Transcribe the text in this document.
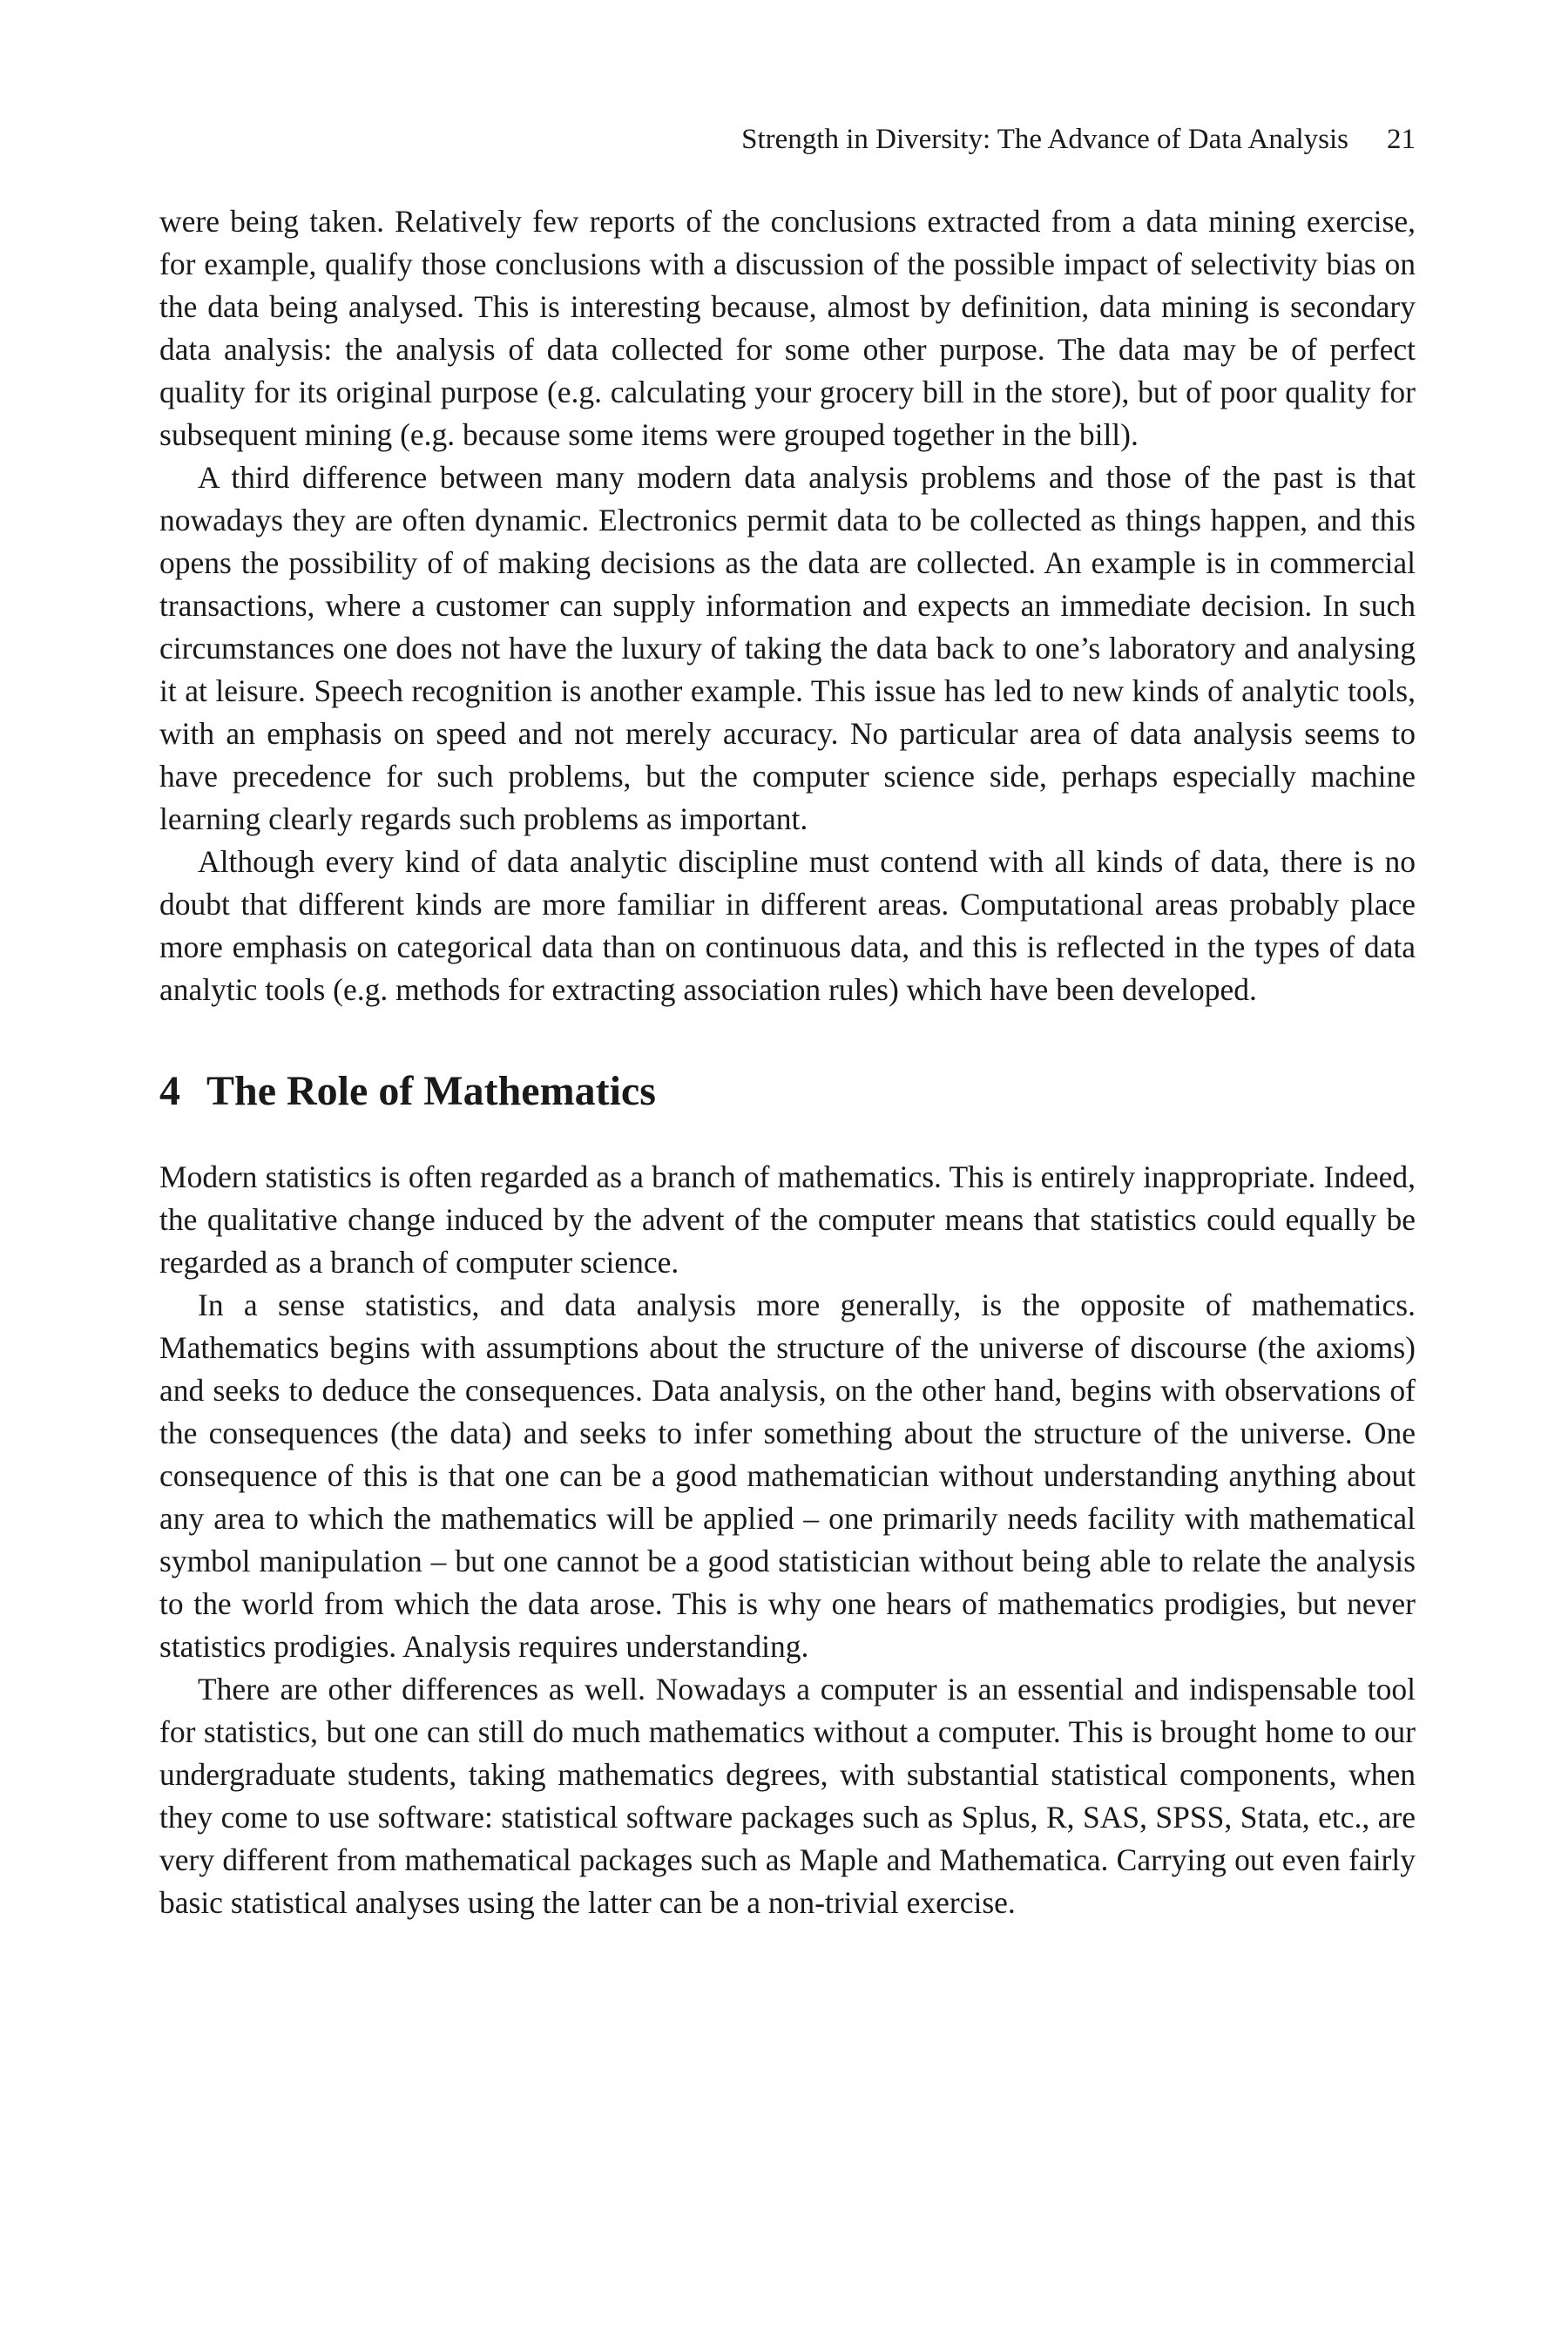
Strength in Diversity: The Advance of Data Analysis 21

were being taken. Relatively few reports of the conclusions extracted from a data mining exercise, for example, qualify those conclusions with a discussion of the possible impact of selectivity bias on the data being analysed. This is interesting because, almost by definition, data mining is secondary data analysis: the analysis of data collected for some other purpose. The data may be of perfect quality for its original purpose (e.g. calculating your grocery bill in the store), but of poor quality for subsequent mining (e.g. because some items were grouped together in the bill).

A third difference between many modern data analysis problems and those of the past is that nowadays they are often dynamic. Electronics permit data to be collected as things happen, and this opens the possibility of of making decisions as the data are collected. An example is in commercial transactions, where a customer can supply information and expects an immediate decision. In such circumstances one does not have the luxury of taking the data back to one’s laboratory and analysing it at leisure. Speech recognition is another example. This issue has led to new kinds of analytic tools, with an emphasis on speed and not merely accuracy. No particular area of data analysis seems to have precedence for such problems, but the computer science side, perhaps especially machine learning clearly regards such problems as important.

Although every kind of data analytic discipline must contend with all kinds of data, there is no doubt that different kinds are more familiar in different areas. Computational areas probably place more emphasis on categorical data than on continuous data, and this is reflected in the types of data analytic tools (e.g. methods for extracting association rules) which have been developed.

4 The Role of Mathematics

Modern statistics is often regarded as a branch of mathematics. This is entirely inappropriate. Indeed, the qualitative change induced by the advent of the computer means that statistics could equally be regarded as a branch of computer science.

In a sense statistics, and data analysis more generally, is the opposite of mathematics. Mathematics begins with assumptions about the structure of the universe of discourse (the axioms) and seeks to deduce the consequences. Data analysis, on the other hand, begins with observations of the consequences (the data) and seeks to infer something about the structure of the universe. One consequence of this is that one can be a good mathematician without understanding anything about any area to which the mathematics will be applied – one primarily needs facility with mathematical symbol manipulation – but one cannot be a good statistician without being able to relate the analysis to the world from which the data arose. This is why one hears of mathematics prodigies, but never statistics prodigies. Analysis requires understanding.

There are other differences as well. Nowadays a computer is an essential and indispensable tool for statistics, but one can still do much mathematics without a computer. This is brought home to our undergraduate students, taking mathematics degrees, with substantial statistical components, when they come to use software: statistical software packages such as Splus, R, SAS, SPSS, Stata, etc., are very different from mathematical packages such as Maple and Mathematica. Carrying out even fairly basic statistical analyses using the latter can be a non-trivial exercise.
